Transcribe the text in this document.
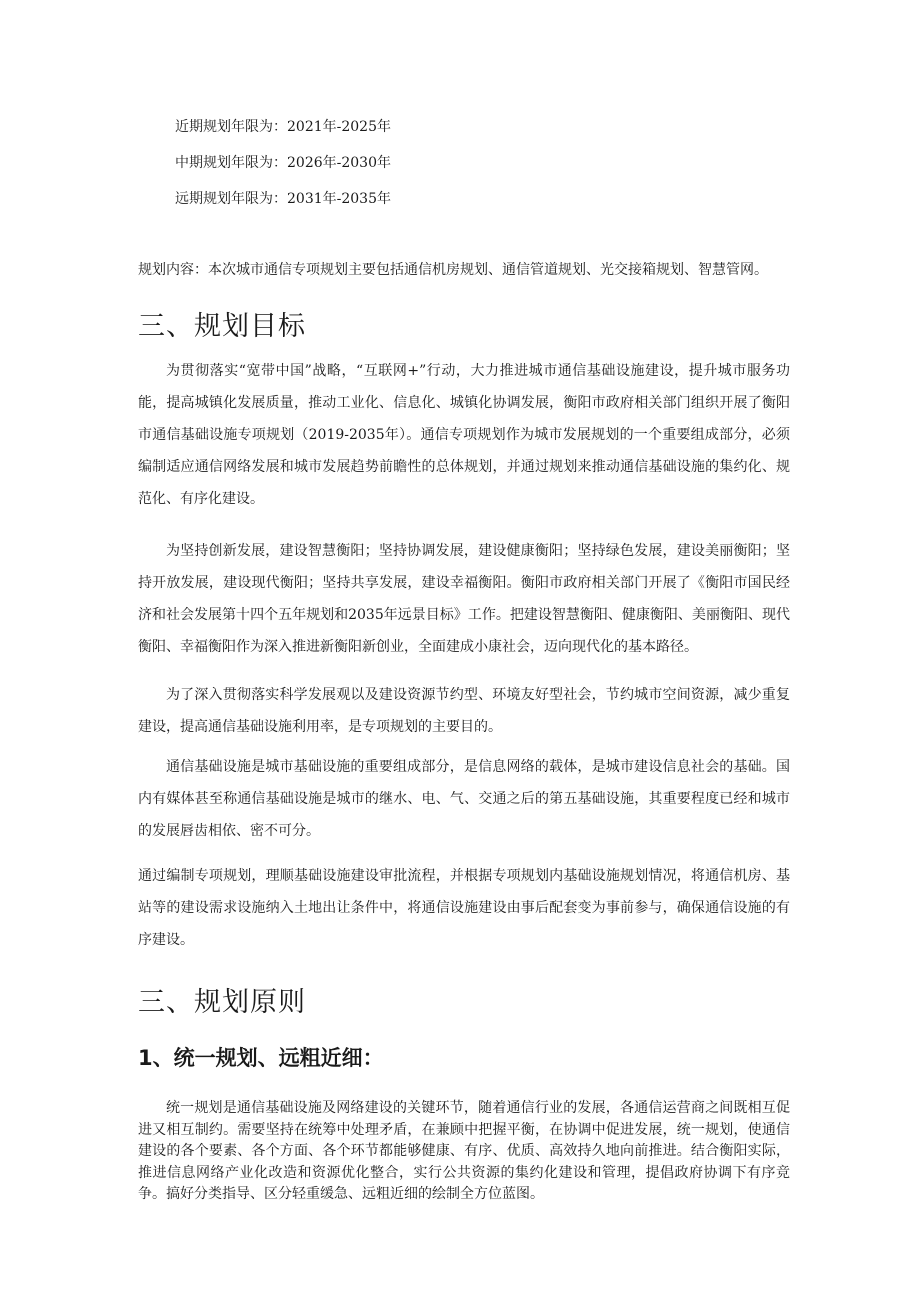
近期规划年限为：2021年-2025年
中期规划年限为：2026年-2030年
远期规划年限为：2031年-2035年
规划内容：本次城市通信专项规划主要包括通信机房规划、通信管道规划、光交接箱规划、智慧管网。
三、规划目标

为贯彻落实“宽带中国”战略，“互联网+”行动，大力推进城市通信基础设施建设，提升城市服务功能，提高城镇化发展质量，推动工业化、信息化、城镇化协调发展，衡阳市政府相关部门组织开展了衡阳市通信基础设施专项规划（2019-2035年）。通信专项规划作为城市发展规划的一个重要组成部分，必须编制适应通信网络发展和城市发展趋势前瞻性的总体规划，并通过规划来推动通信基础设施的集约化、规范化、有序化建设。

为坚持创新发展，建设智慧衡阳；坚持协调发展，建设健康衡阳；坚持绿色发展，建设美丽衡阳；坚持开放发展，建设现代衡阳；坚持共享发展，建设幸福衡阳。衡阳市政府相关部门开展了《衡阳市国民经济和社会发展第十四个五年规划和2035年远景目标》工作。把建设智慧衡阳、健康衡阳、美丽衡阳、现代衡阳、幸福衡阳作为深入推进新衡阳新创业，全面建成小康社会，迈向现代化的基本路径。

为了深入贯彻落实科学发展观以及建设资源节约型、环境友好型社会，节约城市空间资源，减少重复建设，提高通信基础设施利用率，是专项规划的主要目的。

通信基础设施是城市基础设施的重要组成部分，是信息网络的载体，是城市建设信息社会的基础。国内有媒体甚至称通信基础设施是城市的继水、电、气、交通之后的第五基础设施，其重要程度已经和城市的发展唇齿相依、密不可分。

通过编制专项规划，理顺基础设施建设审批流程，并根据专项规划内基础设施规划情况，将通信机房、基站等的建设需求设施纳入土地出让条件中，将通信设施建设由事后配套变为事前参与，确保通信设施的有序建设。

三、规划原则
1、统一规划、远粗近细：

统一规划是通信基础设施及网络建设的关键环节，随着通信行业的发展，各通信运营商之间既相互促进又相互制约。需要坚持在统筹中处理矛盾，在兼顾中把握平衡，在协调中促进发展，统一规划，使通信建设的各个要素、各个方面、各个环节都能够健康、有序、优质、高效持久地向前推进。结合衡阳实际，推进信息网络产业化改造和资源优化整合，实行公共资源的集约化建设和管理，提倡政府协调下有序竞争。搞好分类指导、区分轻重缓急、远粗近细的绘制全方位蓝图。
